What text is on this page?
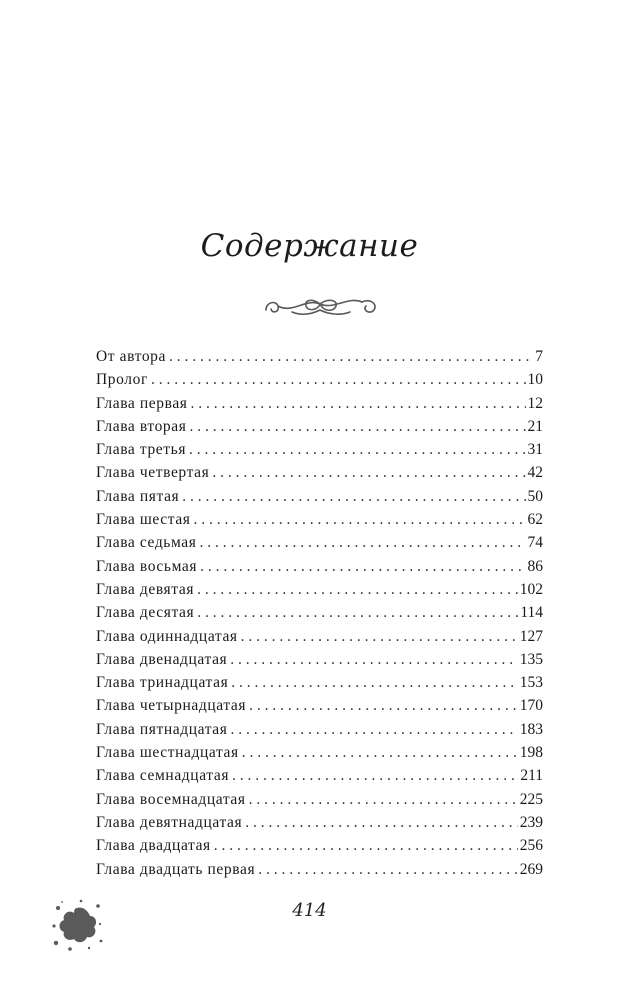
Содержание
От автора . . .	7
Пролог . . .	10
Глава первая . . .	12
Глава вторая . . .	21
Глава третья . . .	31
Глава четвертая . . .	42
Глава пятая . . .	50
Глава шестая . . .	62
Глава седьмая . . .	74
Глава восьмая . . .	86
Глава девятая . . .	102
Глава десятая . . .	114
Глава одиннадцатая . . .	127
Глава двенадцатая . . .	135
Глава тринадцатая . . .	153
Глава четырнадцатая . . .	170
Глава пятнадцатая . . .	183
Глава шестнадцатая . . .	198
Глава семнадцатая . . .	211
Глава восемнадцатая . . .	225
Глава девятнадцатая . . .	239
Глава двадцатая . . .	256
Глава двадцать первая . . .	269
414
